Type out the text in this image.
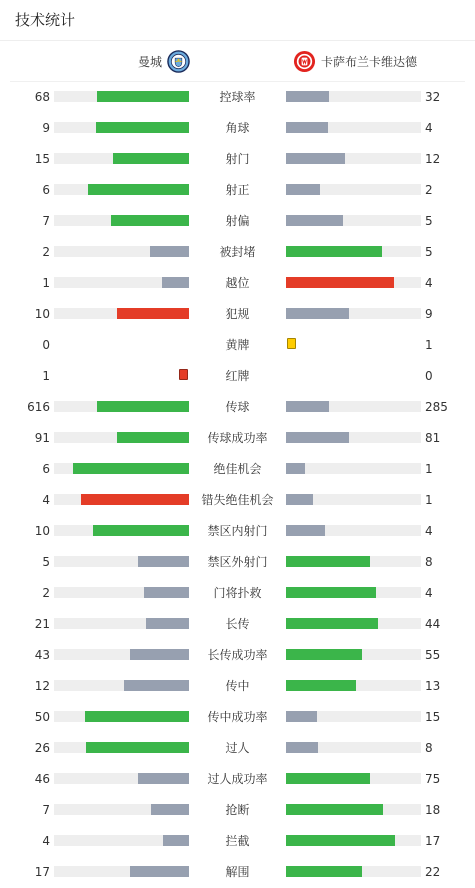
技术统计
曼城	卡萨布兰卡维达德
68	控球率	32
9	角球	4
15	射门	12
6	射正	2
7	射偏	5
2	被封堵	5
1	越位	4
10	犯规	9
0	黄牌	1
1	红牌	0
616	传球	285
91	传球成功率	81
6	绝佳机会	1
4	错失绝佳机会	1
10	禁区内射门	4
5	禁区外射门	8
2	门将扑救	4
21	长传	44
43	长传成功率	55
12	传中	13
50	传中成功率	15
26	过人	8
46	过人成功率	75
7	抢断	18
4	拦截	17
17	解围	22
